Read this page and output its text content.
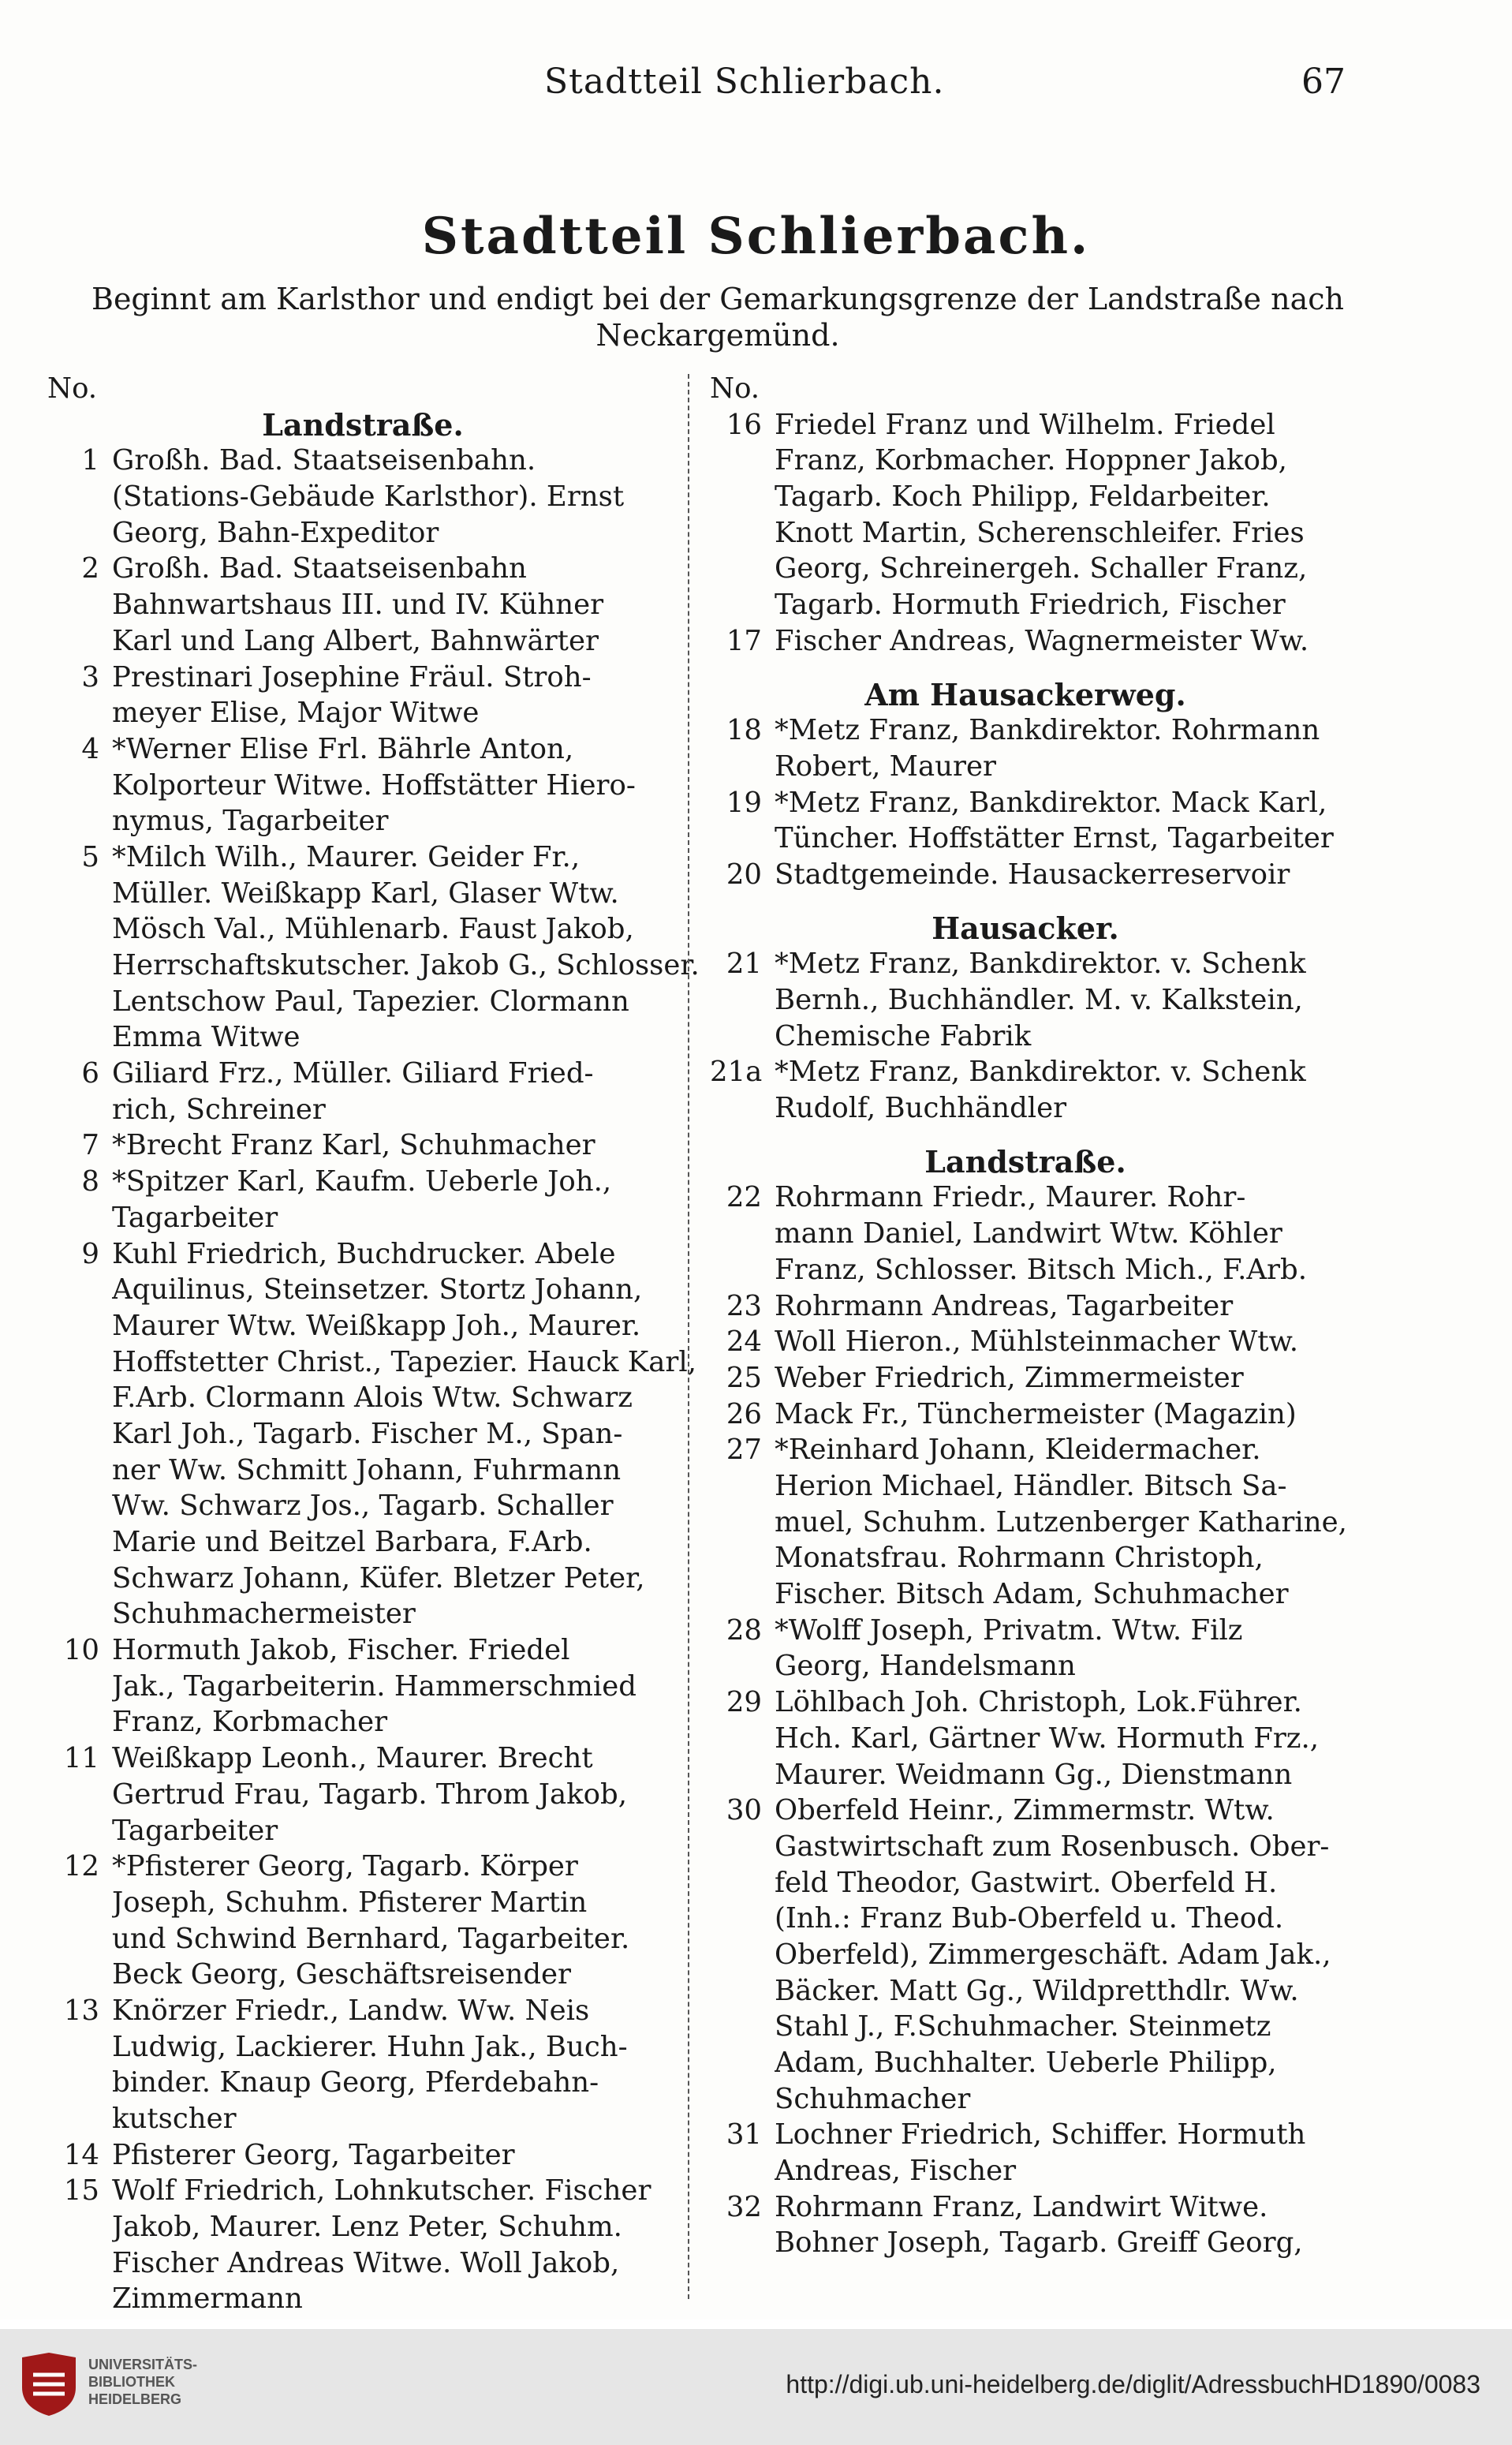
Stadtteil Schlierbach.	67
Stadtteil Schlierbach.
Beginnt am Karlsthor und endigt bei der Gemarkungsgrenze der Landstraße nach Neckargemünd.
No.
Landstraße.
1 Großh. Bad. Staatseisenbahn.
(Stations-Gebäude Karlsthor). Ernst
Georg, Bahn-Expeditor
2 Großh. Bad. Staatseisenbahn
Bahnwartshaus III. und IV. Kühner
Karl und Lang Albert, Bahnwärter
3 Prestinari Josephine Fräul. Stroh-
meyer Elise, Major Witwe
4 *Werner Elise Frl. Bährle Anton,
Kolporteur Witwe. Hoffstätter Hiero-
nymus, Tagarbeiter
5 *Milch Wilh., Maurer. Geider Fr.,
Müller. Weißkapp Karl, Glaser Wtw.
Mösch Val., Mühlenarb. Faust Jakob,
Herrschaftskutscher. Jakob G., Schlosser.
Lentschow Paul, Tapezier. Clormann
Emma Witwe
6 Giliard Frz., Müller. Giliard Fried-
rich, Schreiner
7 *Brecht Franz Karl, Schuhmacher
8 *Spitzer Karl, Kaufm. Ueberle Joh.,
Tagarbeiter
9 Kuhl Friedrich, Buchdrucker. Abele
Aquilinus, Steinsetzer. Stortz Johann,
Maurer Wtw. Weißkapp Joh., Maurer.
Hoffstetter Christ., Tapezier. Hauck Karl,
F.Arb. Clormann Alois Wtw. Schwarz
Karl Joh., Tagarb. Fischer M., Span-
ner Ww. Schmitt Johann, Fuhrmann
Ww. Schwarz Jos., Tagarb. Schaller
Marie und Beitzel Barbara, F.Arb.
Schwarz Johann, Küfer. Bletzer Peter,
Schuhmachermeister
10 Hormuth Jakob, Fischer. Friedel
Jak., Tagarbeiterin. Hammerschmied
Franz, Korbmacher
11 Weißkapp Leonh., Maurer. Brecht
Gertrud Frau, Tagarb. Throm Jakob,
Tagarbeiter
12 *Pfisterer Georg, Tagarb. Körper
Joseph, Schuhm. Pfisterer Martin
und Schwind Bernhard, Tagarbeiter.
Beck Georg, Geschäftsreisender
13 Knörzer Friedr., Landw. Ww. Neis
Ludwig, Lackierer. Huhn Jak., Buch-
binder. Knaup Georg, Pferdebahn-
kutscher
14 Pfisterer Georg, Tagarbeiter
15 Wolf Friedrich, Lohnkutscher. Fischer
Jakob, Maurer. Lenz Peter, Schuhm.
Fischer Andreas Witwe. Woll Jakob,
Zimmermann
No.
16 Friedel Franz und Wilhelm. Friedel
Franz, Korbmacher. Hoppner Jakob,
Tagarb. Koch Philipp, Feldarbeiter.
Knott Martin, Scherenschleifer. Fries
Georg, Schreinergeh. Schaller Franz,
Tagarb. Hormuth Friedrich, Fischer
17 Fischer Andreas, Wagnermeister Ww.
Am Hausackerweg.
18 *Metz Franz, Bankdirektor. Rohrmann
Robert, Maurer
19 *Metz Franz, Bankdirektor. Mack Karl,
Tüncher. Hoffstätter Ernst, Tagarbeiter
20 Stadtgemeinde. Hausackerreservoir
Hausacker.
21 *Metz Franz, Bankdirektor. v. Schenk
Bernh., Buchhändler. M. v. Kalkstein,
Chemische Fabrik
21a *Metz Franz, Bankdirektor. v. Schenk
Rudolf, Buchhändler
Landstraße.
22 Rohrmann Friedr., Maurer. Rohr-
mann Daniel, Landwirt Wtw. Köhler
Franz, Schlosser. Bitsch Mich., F.Arb.
23 Rohrmann Andreas, Tagarbeiter
24 Woll Hieron., Mühlsteinmacher Wtw.
25 Weber Friedrich, Zimmermeister
26 Mack Fr., Tünchermeister (Magazin)
27 *Reinhard Johann, Kleidermacher.
Herion Michael, Händler. Bitsch Sa-
muel, Schuhm. Lutzenberger Katharine,
Monatsfrau. Rohrmann Christoph,
Fischer. Bitsch Adam, Schuhmacher
28 *Wolff Joseph, Privatm. Wtw. Filz
Georg, Handelsmann
29 Löhlbach Joh. Christoph, Lok.Führer.
Hch. Karl, Gärtner Ww. Hormuth Frz.,
Maurer. Weidmann Gg., Dienstmann
30 Oberfeld Heinr., Zimmermstr. Wtw.
Gastwirtschaft zum Rosenbusch. Ober-
feld Theodor, Gastwirt. Oberfeld H.
(Inh.: Franz Bub-Oberfeld u. Theod.
Oberfeld), Zimmergeschäft. Adam Jak.,
Bäcker. Matt Gg., Wildpretthdlr. Ww.
Stahl J., F.Schuhmacher. Steinmetz
Adam, Buchhalter. Ueberle Philipp,
Schuhmacher
31 Lochner Friedrich, Schiffer. Hormuth
Andreas, Fischer
32 Rohrmann Franz, Landwirt Witwe.
Bohner Joseph, Tagarb. Greiff Georg,
UNIVERSITÄTS-
BIBLIOTHEK
HEIDELBERG
http://digi.ub.uni-heidelberg.de/diglit/AdressbuchHD1890/0083
